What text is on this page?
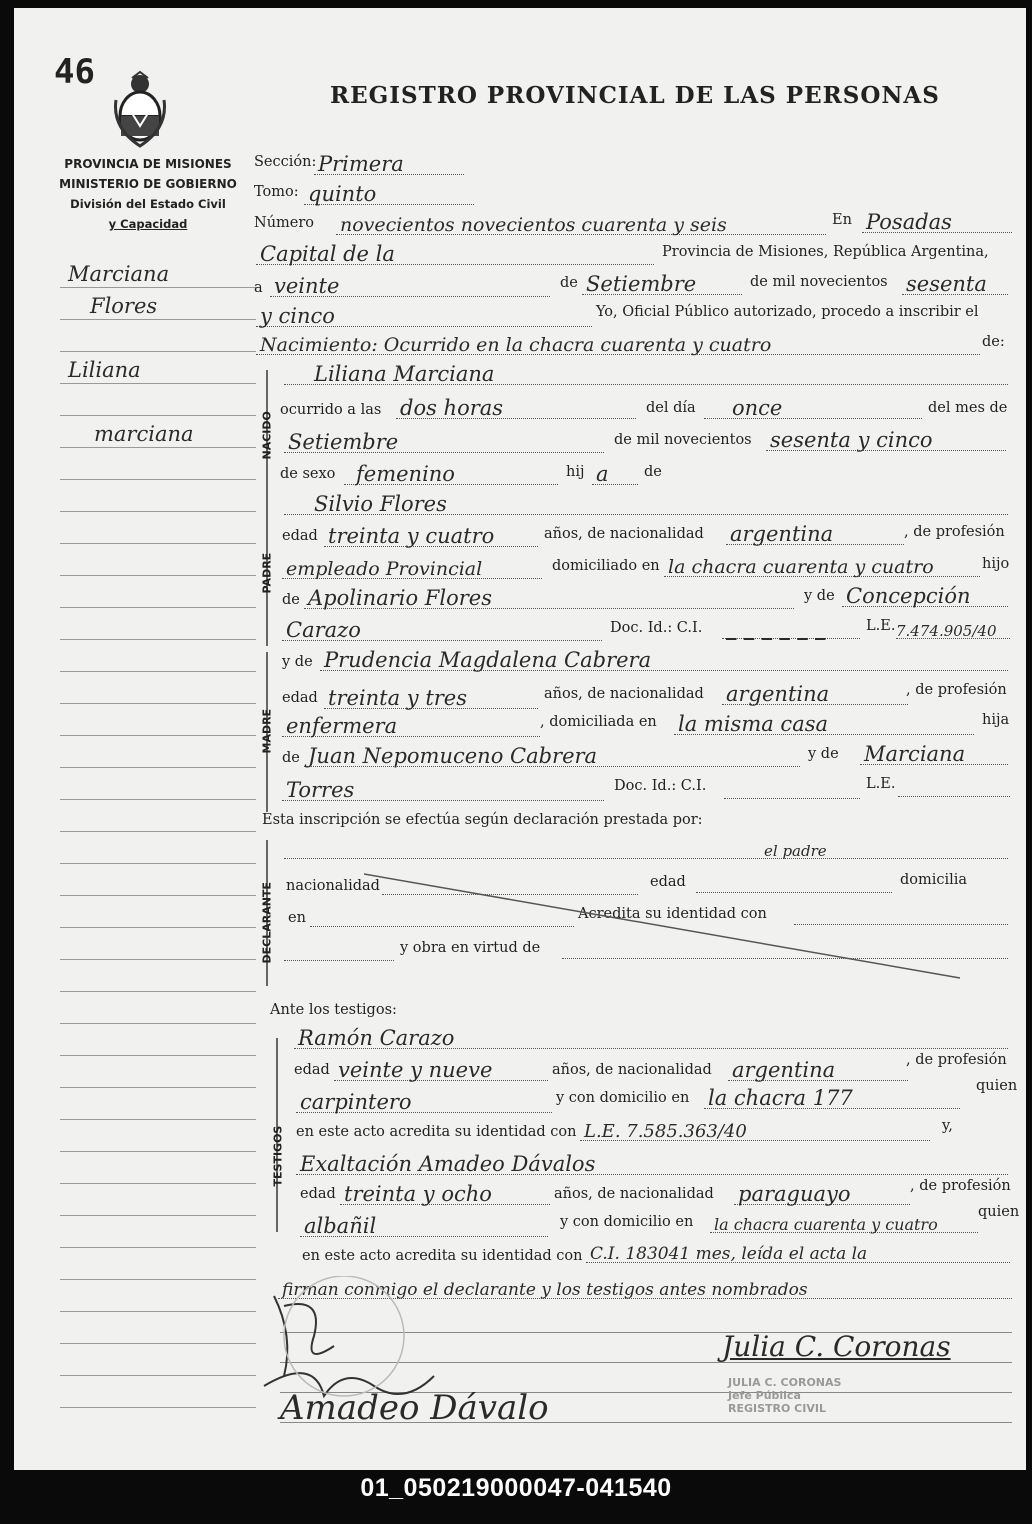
46
REGISTRO PROVINCIAL DE LAS PERSONAS
PROVINCIA DE MISIONES
MINISTERIO DE GOBIERNO
División del Estado Civil
y Capacidad
Marciana
Flores
Liliana
marciana
Sección: Primera
Tomo: quinto
Número novecientos novecientos cuarenta y seis	En Posadas
Capital de la	Provincia de Misiones, República Argentina,
a veinte	de Setiembre	de mil novecientos sesenta
y cinco	Yo, Oficial Público autorizado, procedo a inscribir el
Nacimiento: Ocurrido en la chacra cuarenta y cuatro	de:
NACIDO
Liliana Marciana
ocurrido a las dos horas	del día once	del mes de
Setiembre	de mil novecientos sesenta y cinco
de sexo femenino	hij a de
PADRE
Silvio Flores
edad treinta y cuatro	años, de nacionalidad argentina	, de profesión
empleado Provincial	domiciliado en la chacra cuarenta y cuatro	hijo
de Apolinario Flores	y de Concepción
Carazo	Doc. Id.: C.I. _ _ _ _ _ _	L.E. 7.474.905/40
MADRE
y de Prudencia Magdalena Cabrera
edad treinta y tres	años, de nacionalidad argentina	, de profesión
enfermera	, domiciliada en la misma casa	hija
de Juan Nepomuceno Cabrera	y de Marciana
Torres	Doc. Id.: C.I.	L.E.
Esta inscripción se efectúa según declaración prestada por:
DECLARANTE
el padre
nacionalidad	edad	domicilia
en	Acredita su identidad con
y obra en virtud de
Ante los testigos:
TESTIGOS
Ramón Carazo
edad veinte y nueve	años, de nacionalidad argentina	, de profesión
carpintero	y con domicilio en la chacra 177	quien
en este acto acredita su identidad con L.E. 7.585.363/40	y,
Exaltación Amadeo Dávalos
edad treinta y ocho	años, de nacionalidad paraguayo	, de profesión
albañil	y con domicilio en la chacra cuarenta y cuatro
quien
en este acto acredita su identidad con C.I. 183041 mes, leída el acta la
firman conmigo el declarante y los testigos antes nombrados
Amadeo Dávalo
Julia C. Coronas
JULIA C. CORONAS
Jefe Pública
REGISTRO CIVIL
01_050219000047-041540
